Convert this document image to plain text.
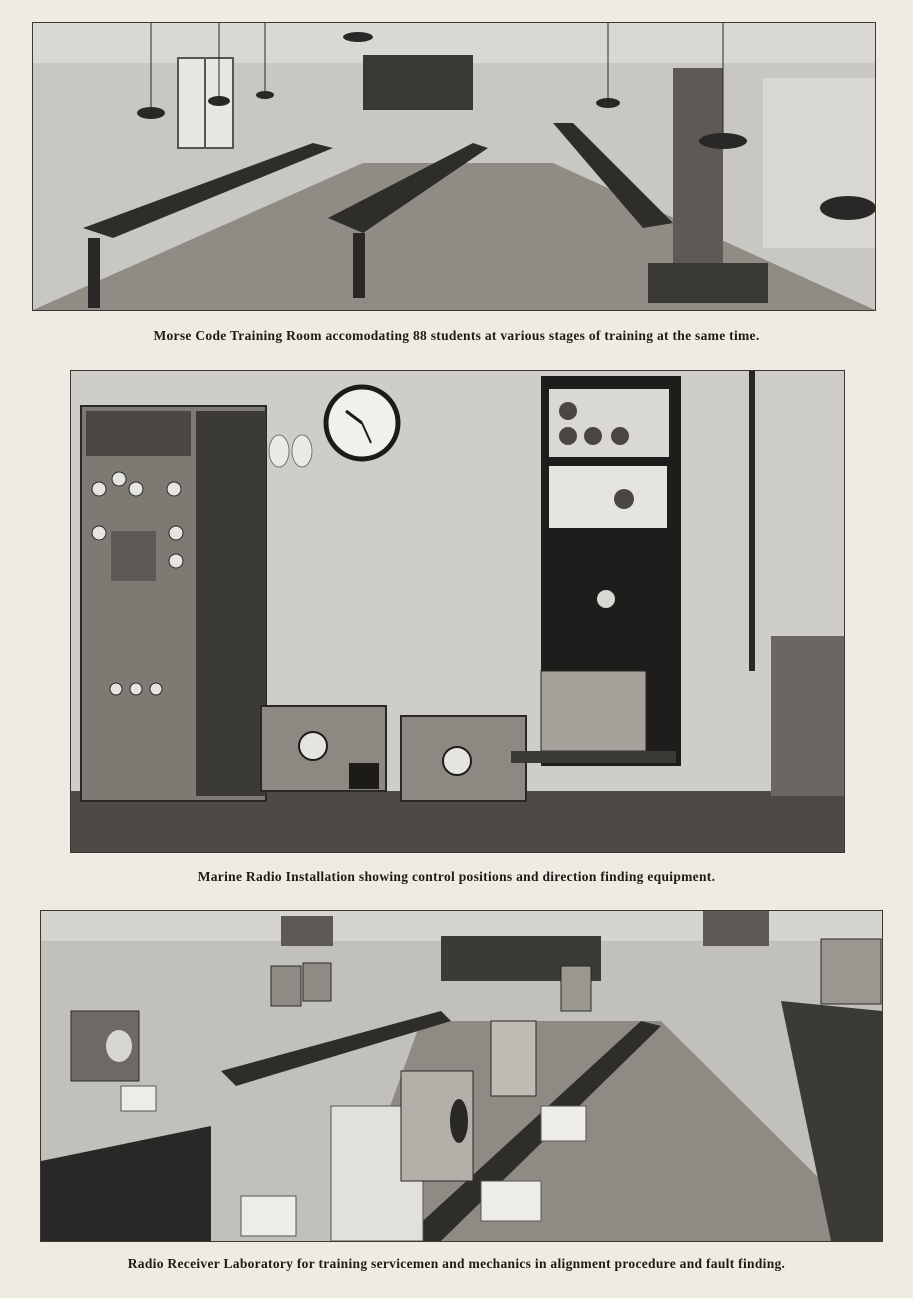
Morse Code Training Room accomodating 88 students at various stages of training at the same time.
Marine Radio Installation showing control positions and direction finding equipment.
Radio Receiver Laboratory for training servicemen and mechanics in alignment procedure and fault finding.
